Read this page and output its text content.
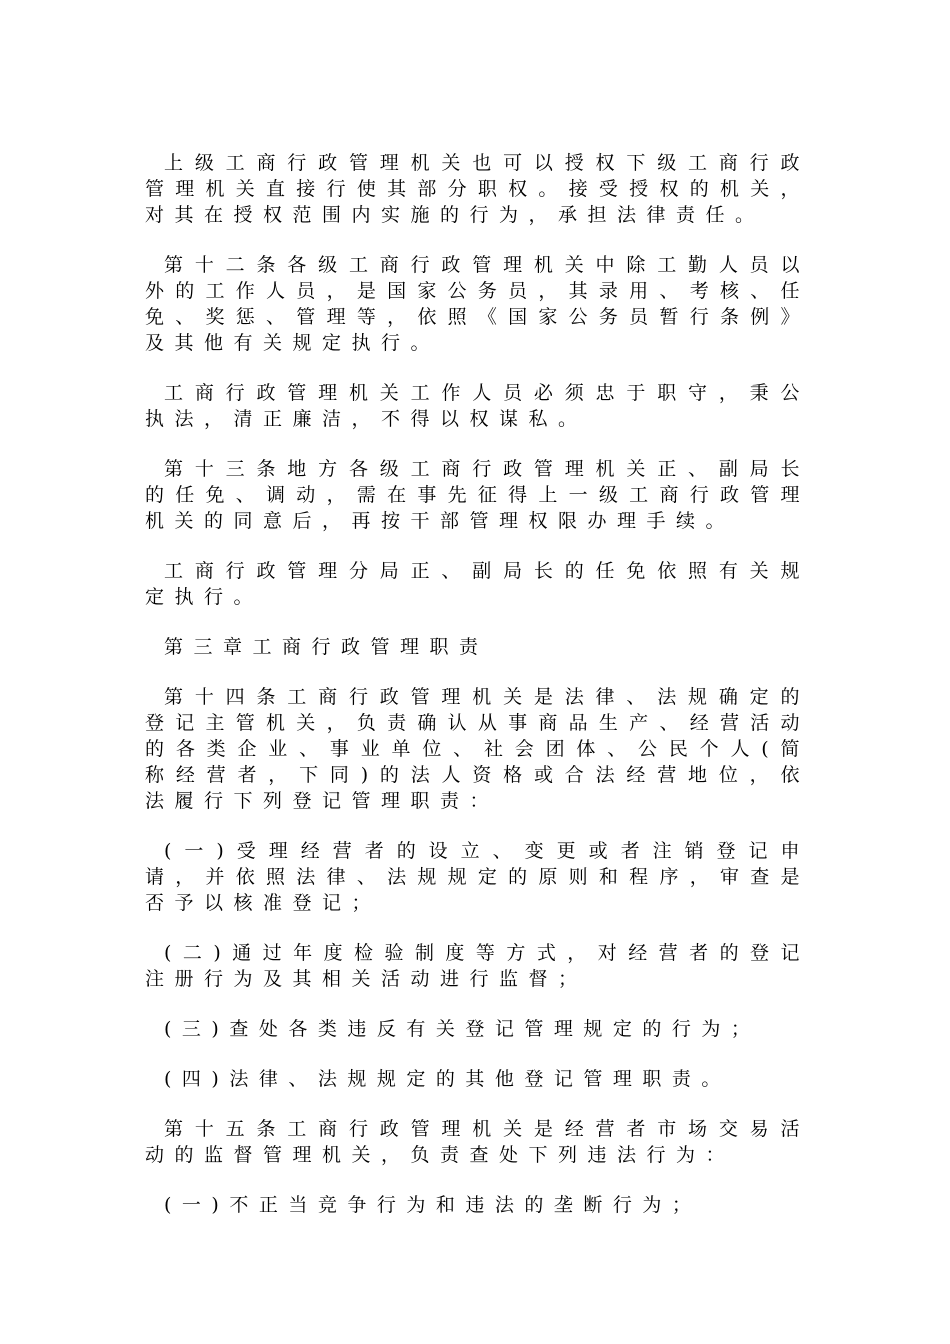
上级工商行政管理机关也可以授权下级工商行政管理机关直接行使其部分职权。接受授权的机关，对其在授权范围内实施的行为，承担法律责任。

第十二条各级工商行政管理机关中除工勤人员以外的工作人员，是国家公务员，其录用、考核、任免、奖惩、管理等，依照《国家公务员暂行条例》及其他有关规定执行。

工商行政管理机关工作人员必须忠于职守，秉公执法，清正廉洁，不得以权谋私。

第十三条地方各级工商行政管理机关正、副局长的任免、调动，需在事先征得上一级工商行政管理机关的同意后，再按干部管理权限办理手续。

工商行政管理分局正、副局长的任免依照有关规定执行。

第三章工商行政管理职责

第十四条工商行政管理机关是法律、法规确定的登记主管机关，负责确认从事商品生产、经营活动的各类企业、事业单位、社会团体、公民个人(简称经营者，下同)的法人资格或合法经营地位，依法履行下列登记管理职责：

(一)受理经营者的设立、变更或者注销登记申请，并依照法律、法规规定的原则和程序，审查是否予以核准登记；

(二)通过年度检验制度等方式，对经营者的登记注册行为及其相关活动进行监督；

(三)查处各类违反有关登记管理规定的行为；

(四)法律、法规规定的其他登记管理职责。

第十五条工商行政管理机关是经营者市场交易活动的监督管理机关，负责查处下列违法行为：

(一)不正当竞争行为和违法的垄断行为；
